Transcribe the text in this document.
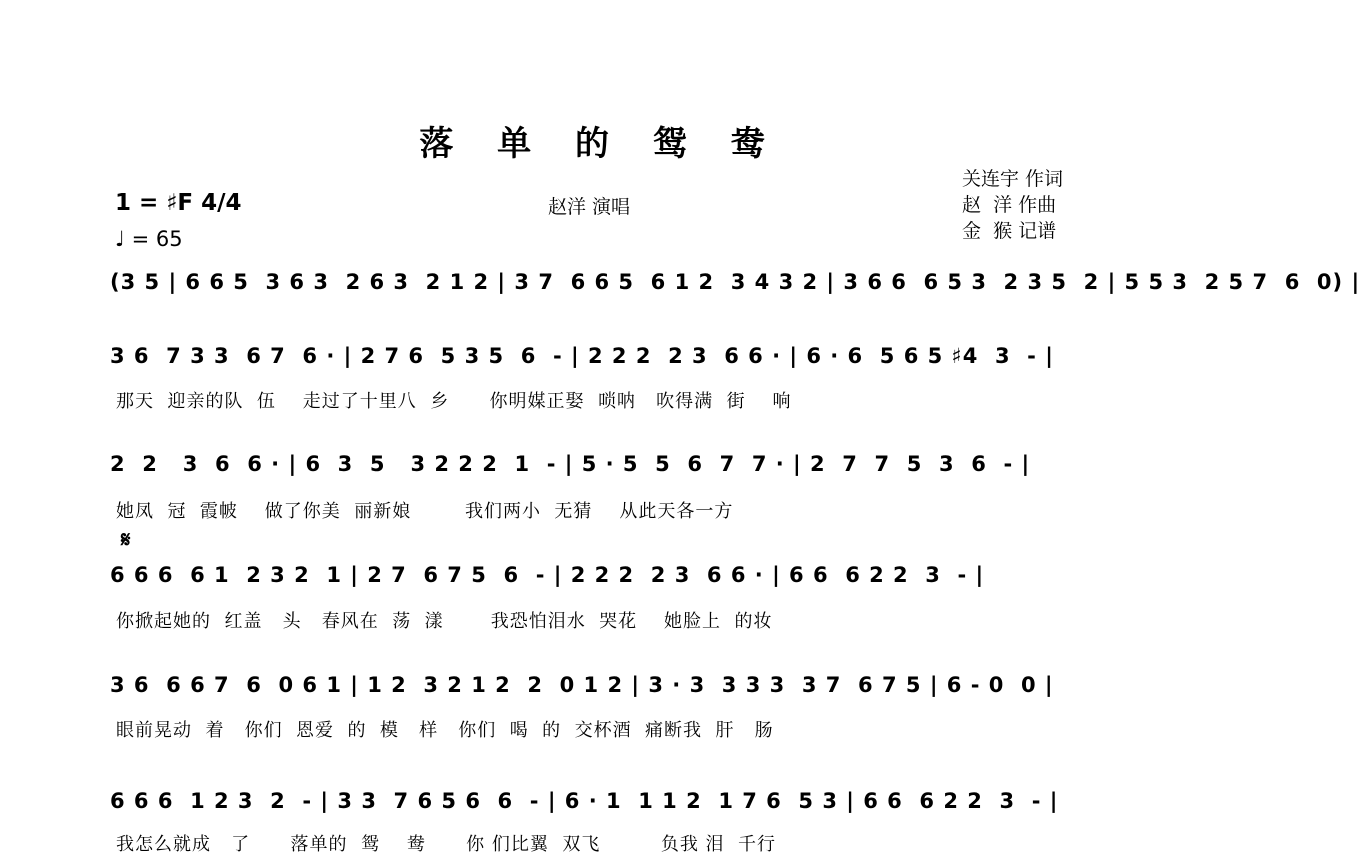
落 单 的 鸳 鸯
赵洋 演唱
关连宇 作词
赵  洋 作曲
金  猴 记谱
1 = ♯F 4/4
♩ = 65
𝄋
(3 5 | 6 6 5  3 6 3  2 6 3  2 1 2 | 3 7  6 6 5  6 1 2  3 4 3 2 | 3 6 6  6 5 3  2 3 5  2 | 5 5 3  2 5 7  6  0) |
3 6  7 3 3  6 7  6 · | 2 7 6  5 3 5  6  - | 2 2 2  2 3  6 6 · | 6 · 6  5 6 5 ♯4  3  - |
那天  迎亲的队  伍    走过了十里八  乡      你明媒正娶  唢呐   吹得满  街    响
2  2   3  6  6 · | 6  3  5   3 2 2 2  1  - | 5 · 5  5  6  7  7 · | 2  7  7  5  3  6  - |
她凤  冠  霞帔    做了你美  丽新娘        我们两小  无猜    从此天各一方
6 6 6  6 1  2 3 2  1 | 2 7  6 7 5  6  - | 2 2 2  2 3  6 6 · | 6 6  6 2 2  3  - |
你掀起她的  红盖   头   春风在  荡  漾       我恐怕泪水  哭花    她脸上  的妆
3 6  6 6 7  6  0 6 1 | 1 2  3 2 1 2  2  0 1 2 | 3 · 3  3 3 3  3 7  6 7 5 | 6 - 0  0 |
眼前晃动  着   你们  恩爱  的  模   样   你们  喝  的  交杯酒  痛断我  肝   肠
6 6 6  1 2 3  2  - | 3 3  7 6 5 6  6  - | 6 · 1  1 1 2  1 7 6  5 3 | 6 6  6 2 2  3  - |
我怎么就成   了      落单的  鸳    鸯      你 们比翼  双飞         负我 泪  千行
